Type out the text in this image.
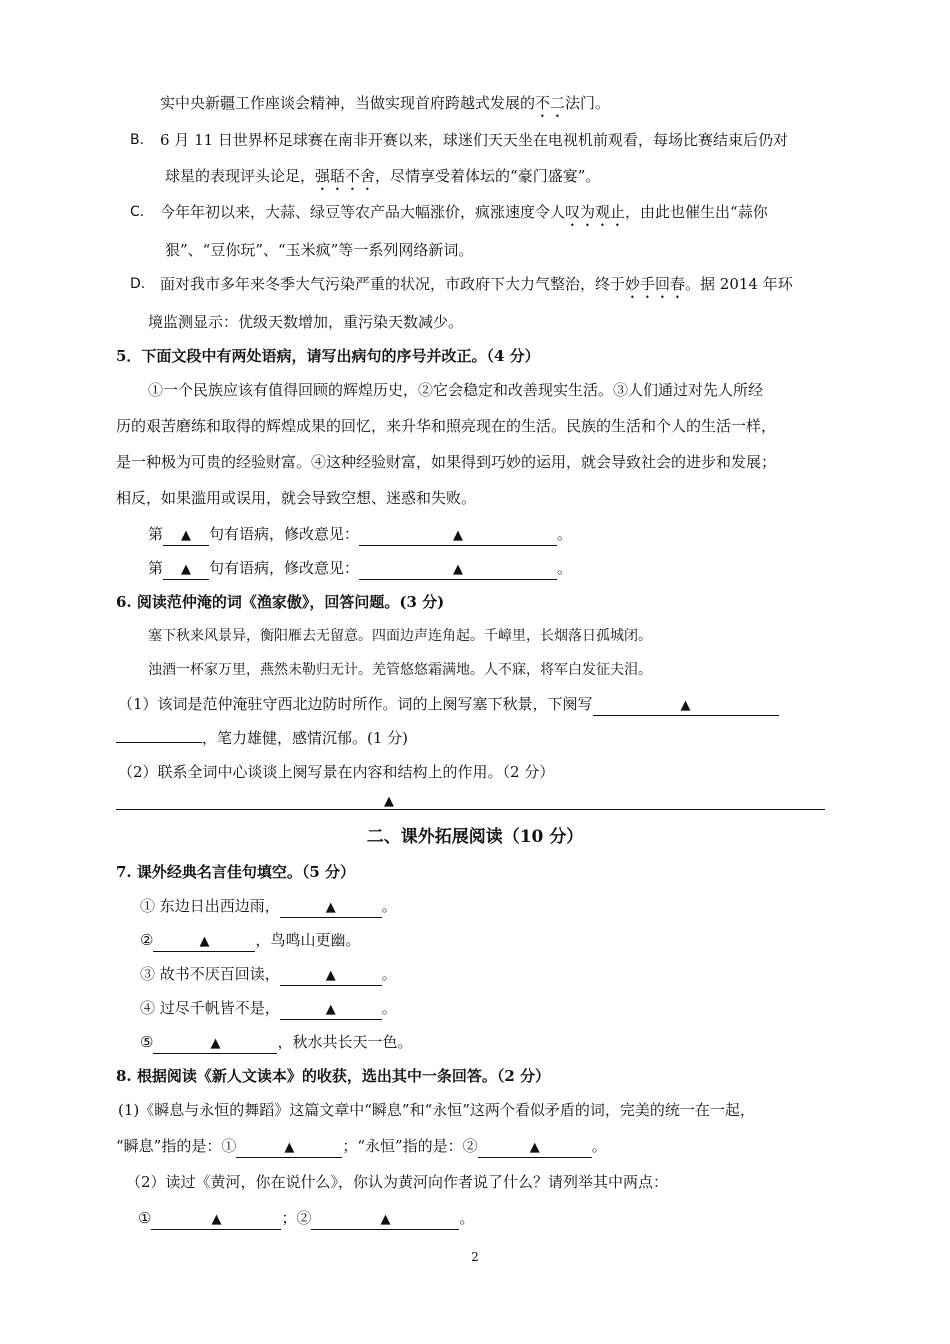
实中央新疆工作座谈会精神，当做实现首府跨越式发展的不二法门。
B. 6 月 11 日世界杯足球赛在南非开赛以来，球迷们天天坐在电视机前观看，每场比赛结束后仍对
球星的表现评头论足，强聒不舍，尽情享受着体坛的“豪门盛宴”。
C. 今年年初以来，大蒜、绿豆等农产品大幅涨价，疯涨速度令人叹为观止，由此也催生出“蒜你
狠”、“豆你玩”、“玉米疯”等一系列网络新词。
D. 面对我市多年来冬季大气污染严重的状况，市政府下大力气整治，终于妙手回春。据 2014 年环
境监测显示：优级天数增加，重污染天数减少。
5．下面文段中有两处语病，请写出病句的序号并改正。（4 分）
①一个民族应该有值得回顾的辉煌历史，②它会稳定和改善现实生活。③人们通过对先人所经
历的艰苦磨练和取得的辉煌成果的回忆，来升华和照亮现在的生活。民族的生活和个人的生活一样，
是一种极为可贵的经验财富。④这种经验财富，如果得到巧妙的运用，就会导致社会的进步和发展；
相反，如果滥用或误用，就会导致空想、迷惑和失败。
第 ▲ 句有语病，修改意见：	▲	。
第 ▲ 句有语病，修改意见：	▲	。
6. 阅读范仲淹的词《渔家傲》，回答问题。(3 分)
塞下秋来风景异，衡阳雁去无留意。四面边声连角起。千嶂里，长烟落日孤城闭。
浊酒一杯家万里，燕然未勒归无计。羌管悠悠霜满地。人不寐，将军白发征夫泪。
（1）该词是范仲淹驻守西北边防时所作。词的上阕写塞下秋景，下阕写	▲
，笔力雄健，感情沉郁。(1 分)
（2）联系全词中心谈谈上阕写景在内容和结构上的作用。（2 分）
▲
二、课外拓展阅读（10 分）
7. 课外经典名言佳句填空。（5 分）
① 东边日出西边雨，	▲	。
②	▲	，鸟鸣山更幽。
③ 故书不厌百回读，	▲	。
④ 过尽千帆皆不是，	▲	。
⑤	▲	，秋水共长天一色。
8. 根据阅读《新人文读本》的收获，选出其中一条回答。（2 分）
(1)《瞬息与永恒的舞蹈》这篇文章中“瞬息”和“永恒”这两个看似矛盾的词，完美的统一在一起，
“瞬息”指的是：①	▲	；“永恒”指的是：②	▲	。
（2）读过《黄河，你在说什么》，你认为黄河向作者说了什么？请列举其中两点：
①	▲	；②	▲	。
2
